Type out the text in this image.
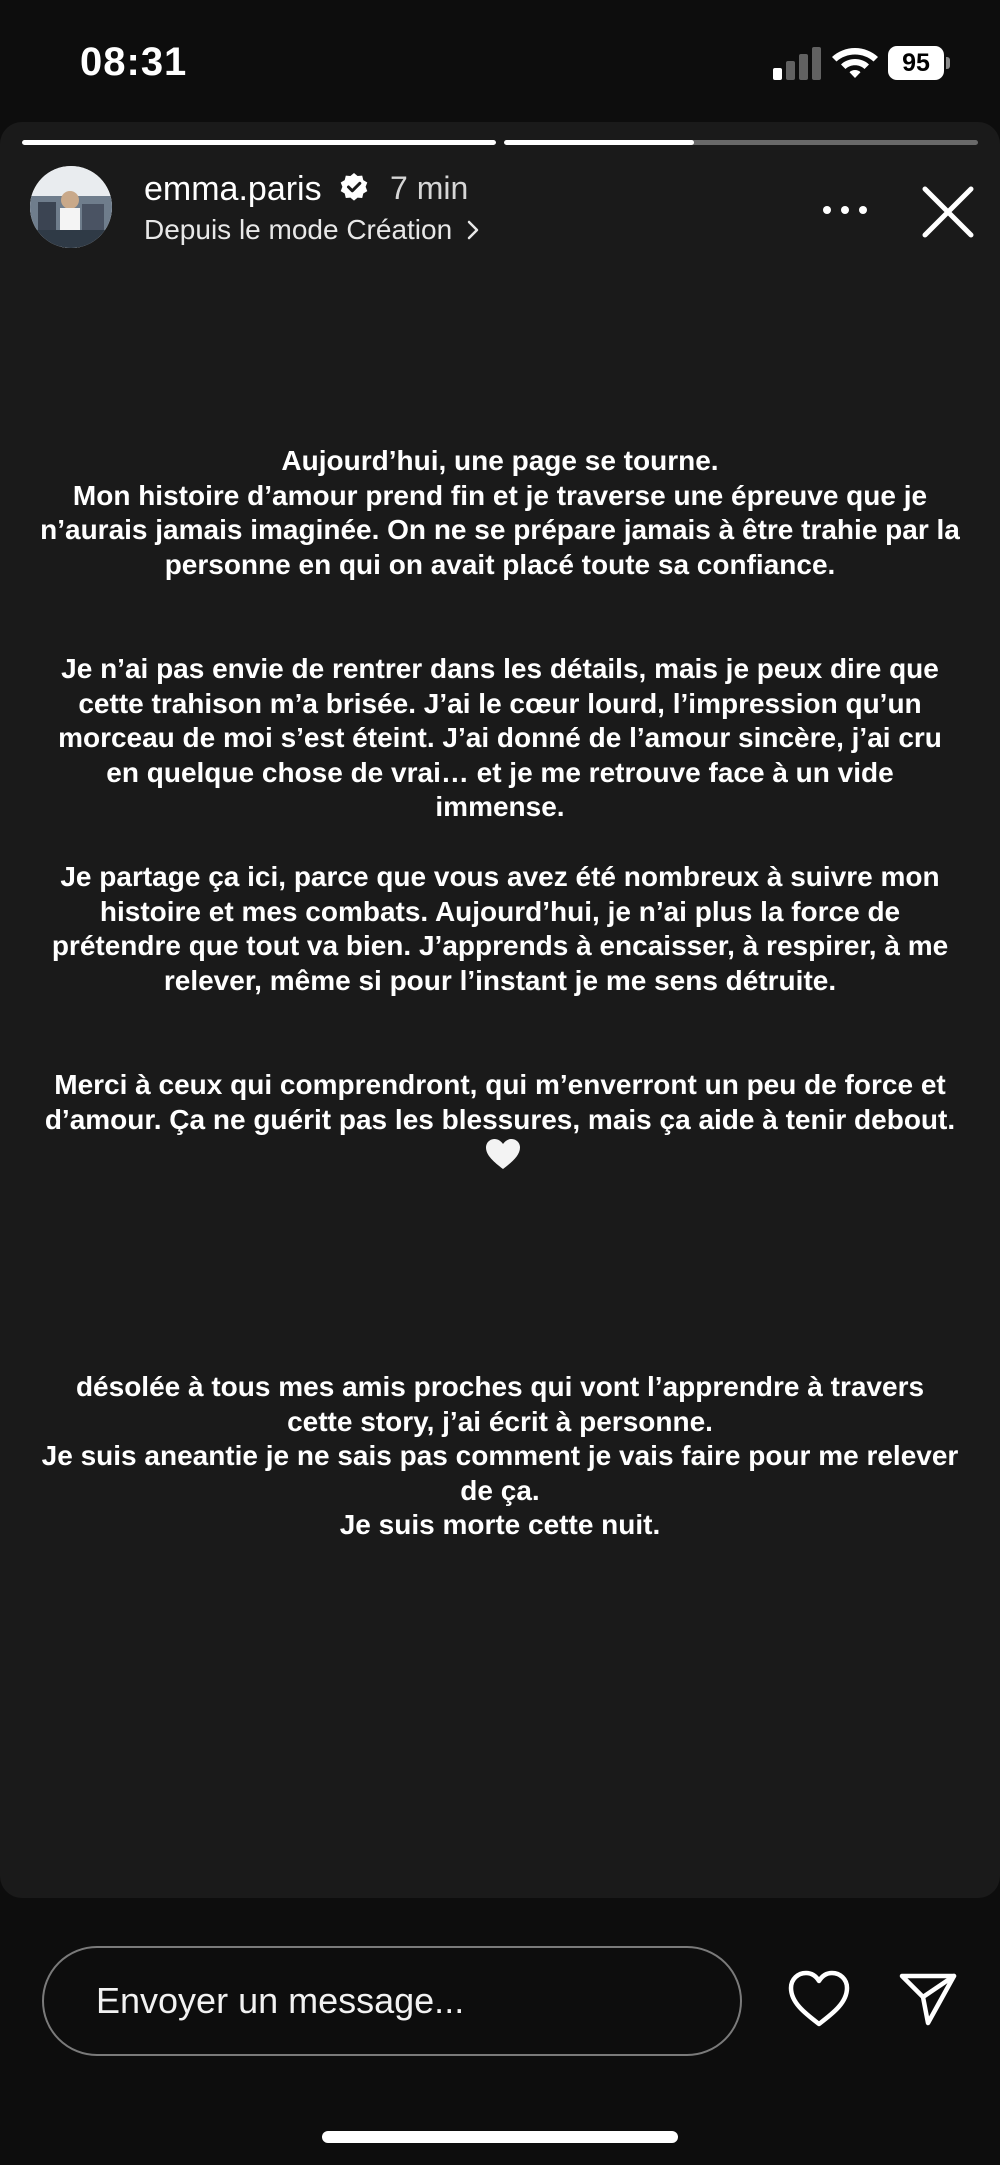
08:31	95
emma.paris 7 min
Depuis le mode Création
Aujourd’hui, une page se tourne.
Mon histoire d’amour prend fin et je traverse une épreuve que je n’aurais jamais imaginée. On ne se prépare jamais à être trahie par la personne en qui on avait placé toute sa confiance.
Je n’ai pas envie de rentrer dans les détails, mais je peux dire que cette trahison m’a brisée. J’ai le cœur lourd, l’impression qu’un morceau de moi s’est éteint. J’ai donné de l’amour sincère, j’ai cru en quelque chose de vrai… et je me retrouve face à un vide immense.
Je partage ça ici, parce que vous avez été nombreux à suivre mon histoire et mes combats. Aujourd’hui, je n’ai plus la force de prétendre que tout va bien. J’apprends à encaisser, à respirer, à me relever, même si pour l’instant je me sens détruite.
Merci à ceux qui comprendront, qui m’enverront un peu de force et d’amour. Ça ne guérit pas les blessures, mais ça aide à tenir debout.
désolée à tous mes amis proches qui vont l’apprendre à travers cette story, j’ai écrit à personne.
Je suis aneantie je ne sais pas comment je vais faire pour me relever de ça.
Je suis morte cette nuit.
Envoyer un message...
